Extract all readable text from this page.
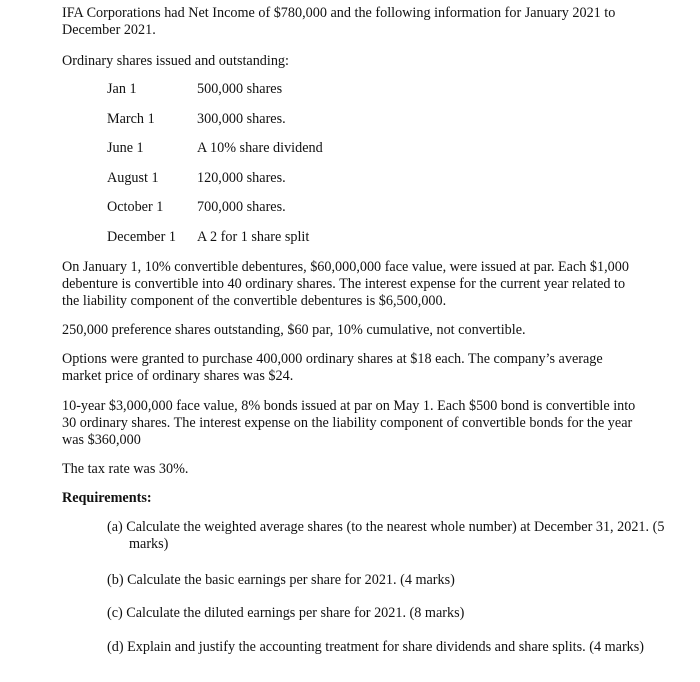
IFA Corporations had Net Income of $780,000 and the following information for January 2021 to December 2021.

Ordinary shares issued and outstanding:

Jan 1	500,000 shares
March 1	300,000 shares.
June 1	A 10% share dividend
August 1	120,000 shares.
October 1	700,000 shares.
December 1	A 2 for 1 share split

On January 1, 10% convertible debentures, $60,000,000 face value, were issued at par. Each $1,000 debenture is convertible into 40 ordinary shares. The interest expense for the current year related to the liability component of the convertible debentures is $6,500,000.

250,000 preference shares outstanding, $60 par, 10% cumulative, not convertible.

Options were granted to purchase 400,000 ordinary shares at $18 each. The company’s average market price of ordinary shares was $24.

10-year $3,000,000 face value, 8% bonds issued at par on May 1. Each $500 bond is convertible into 30 ordinary shares. The interest expense on the liability component of convertible bonds for the year was $360,000

The tax rate was 30%.

Requirements:

(a) Calculate the weighted average shares (to the nearest whole number) at December 31, 2021. (5 marks)

(b) Calculate the basic earnings per share for 2021. (4 marks)

(c) Calculate the diluted earnings per share for 2021. (8 marks)

(d) Explain and justify the accounting treatment for share dividends and share splits. (4 marks)
